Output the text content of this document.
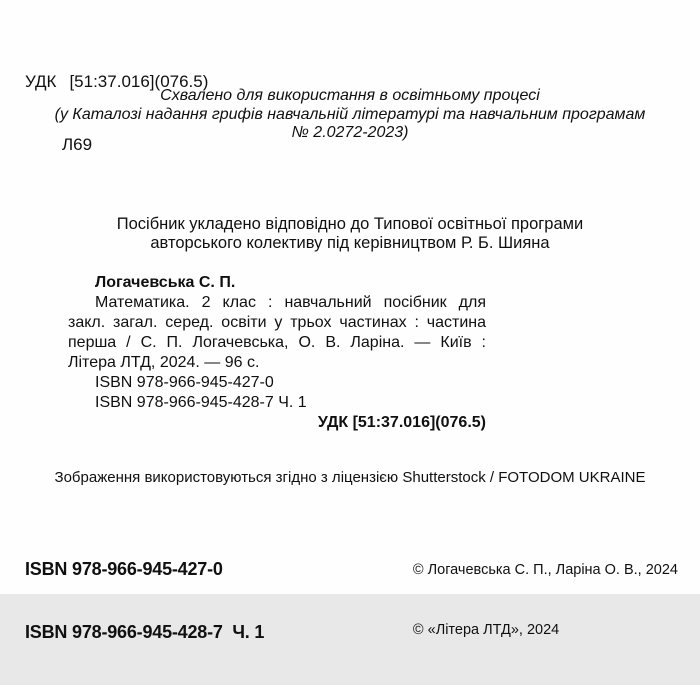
УДК [51:37.016](076.5)

Л69

Схвалено для використання в освітньому процесі
(у Каталозі надання грифів навчальній літературі та навчальним програмам
№ 2.0272-2023)
Посібник укладено відповідно до Типової освітньої програми
авторського колективу під керівництвом Р. Б. Шияна
Логачевська С. П.
Математика. 2 клас : навчальний посібник для
закл. загал. серед. освіти у трьох частинах : частина
перша / С. П. Логачевська, О. В. Ларіна. — Київ :
Літера ЛТД, 2024. — 96 с.
ISBN 978-966-945-427-0
ISBN 978-966-945-428-7 Ч. 1
УДК [51:37.016](076.5)
Зображення використовуються згідно з ліцензією Shutterstock / FOTODOM UKRAINE

ISBN 978-966-945-427-0

ISBN 978-966-945-428-7  Ч. 1

© Логачевська С. П., Ларіна О. В., 2024

© «Літера ЛТД», 2024
